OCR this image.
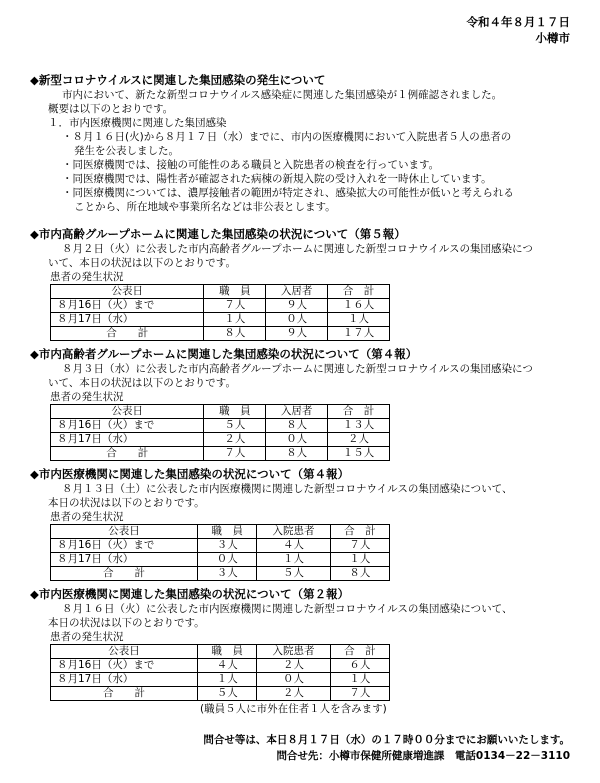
令和４年８月１７日
小樽市
◆新型コロナウイルスに関連した集団感染の発生について

市内において、新たな新型コロナウイルス感染症に関連した集団感染が１例確認されました。

概要は以下のとおりです。

１．市内医療機関に関連した集団感染

・８月１６日(火)から８月１７日（水）までに、市内の医療機関において入院患者５人の患者の

発生を公表しました。

・同医療機関では、接触の可能性のある職員と入院患者の検査を行っています。

・同医療機関では、陽性者が確認された病棟の新規入院の受け入れを一時休止しています。

・同医療機関については、濃厚接触者の範囲が特定され、感染拡大の可能性が低いと考えられる

ことから、所在地域や事業所名などは非公表とします。

◆市内高齢グループホームに関連した集団感染の状況について（第５報）

８月２日（火）に公表した市内高齢者グループホームに関連した新型コロナウイルスの集団感染につ

いて、本日の状況は以下のとおりです。

患者の発生状況

公表日	職　員	入居者	合　計
８月16日（火）まで	７人	９人	１６人
８月17日（水）	１人	０人	１人
合　　計	８人	９人	１７人
◆市内高齢者グループホームに関連した集団感染の状況について（第４報）

８月３日（水）に公表した市内高齢者グループホームに関連した新型コロナウイルスの集団感染につ

いて、本日の状況は以下のとおりです。

患者の発生状況

公表日	職　員	入居者	合　計
８月16日（火）まで	５人	８人	１３人
８月17日（水）	２人	０人	２人
合　　計	７人	８人	１５人
◆市内医療機関に関連した集団感染の状況について（第４報）

８月１３日（土）に公表した市内医療機関に関連した新型コロナウイルスの集団感染について、

本日の状況は以下のとおりです。

患者の発生状況

公表日	職　員	入院患者	合　計
８月16日（火）まで	３人	４人	７人
８月17日（水）	０人	１人	１人
合　　計	３人	５人	８人
◆市内医療機関に関連した集団感染の状況について（第２報）

８月１６日（火）に公表した市内医療機関に関連した新型コロナウイルスの集団感染について、

本日の状況は以下のとおりです。

患者の発生状況

公表日	職　員	入院患者	合　計
８月16日（火）まで	４人	２人	６人
８月17日（水）	１人	０人	１人
合　　計	５人	２人	７人

(職員５人に市外在住者１人を含みます)

問合せ等は、本日８月１７日（水）の１７時００分までにお願いいたします。
問合せ先：小樽市保健所健康増進課　電話0134－22－3110
